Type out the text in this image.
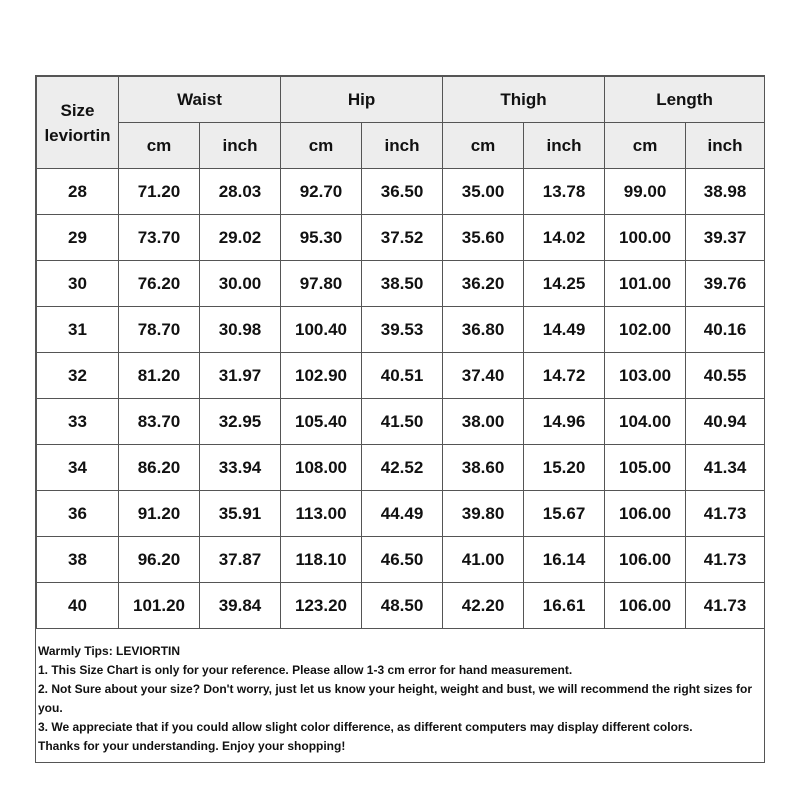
Size
leviortin	Waist		Hip		Thigh		Length	
	cm	inch	cm	inch	cm	inch	cm	inch
28	71.20	28.03	92.70	36.50	35.00	13.78	99.00	38.98
29	73.70	29.02	95.30	37.52	35.60	14.02	100.00	39.37
30	76.20	30.00	97.80	38.50	36.20	14.25	101.00	39.76
31	78.70	30.98	100.40	39.53	36.80	14.49	102.00	40.16
32	81.20	31.97	102.90	40.51	37.40	14.72	103.00	40.55
33	83.70	32.95	105.40	41.50	38.00	14.96	104.00	40.94
34	86.20	33.94	108.00	42.52	38.60	15.20	105.00	41.34
36	91.20	35.91	113.00	44.49	39.80	15.67	106.00	41.73
38	96.20	37.87	118.10	46.50	41.00	16.14	106.00	41.73
40	101.20	39.84	123.20	48.50	42.20	16.61	106.00	41.73
Warmly Tips: LEVIORTIN
1. This Size Chart is only for your reference. Please allow 1-3 cm error for hand measurement.
2. Not Sure about your size? Don't worry, just let us know your height, weight and bust, we will recommend the right sizes for you.
3. We appreciate that if you could allow slight color difference, as different computers may display different colors.
Thanks for your understanding. Enjoy your shopping!
